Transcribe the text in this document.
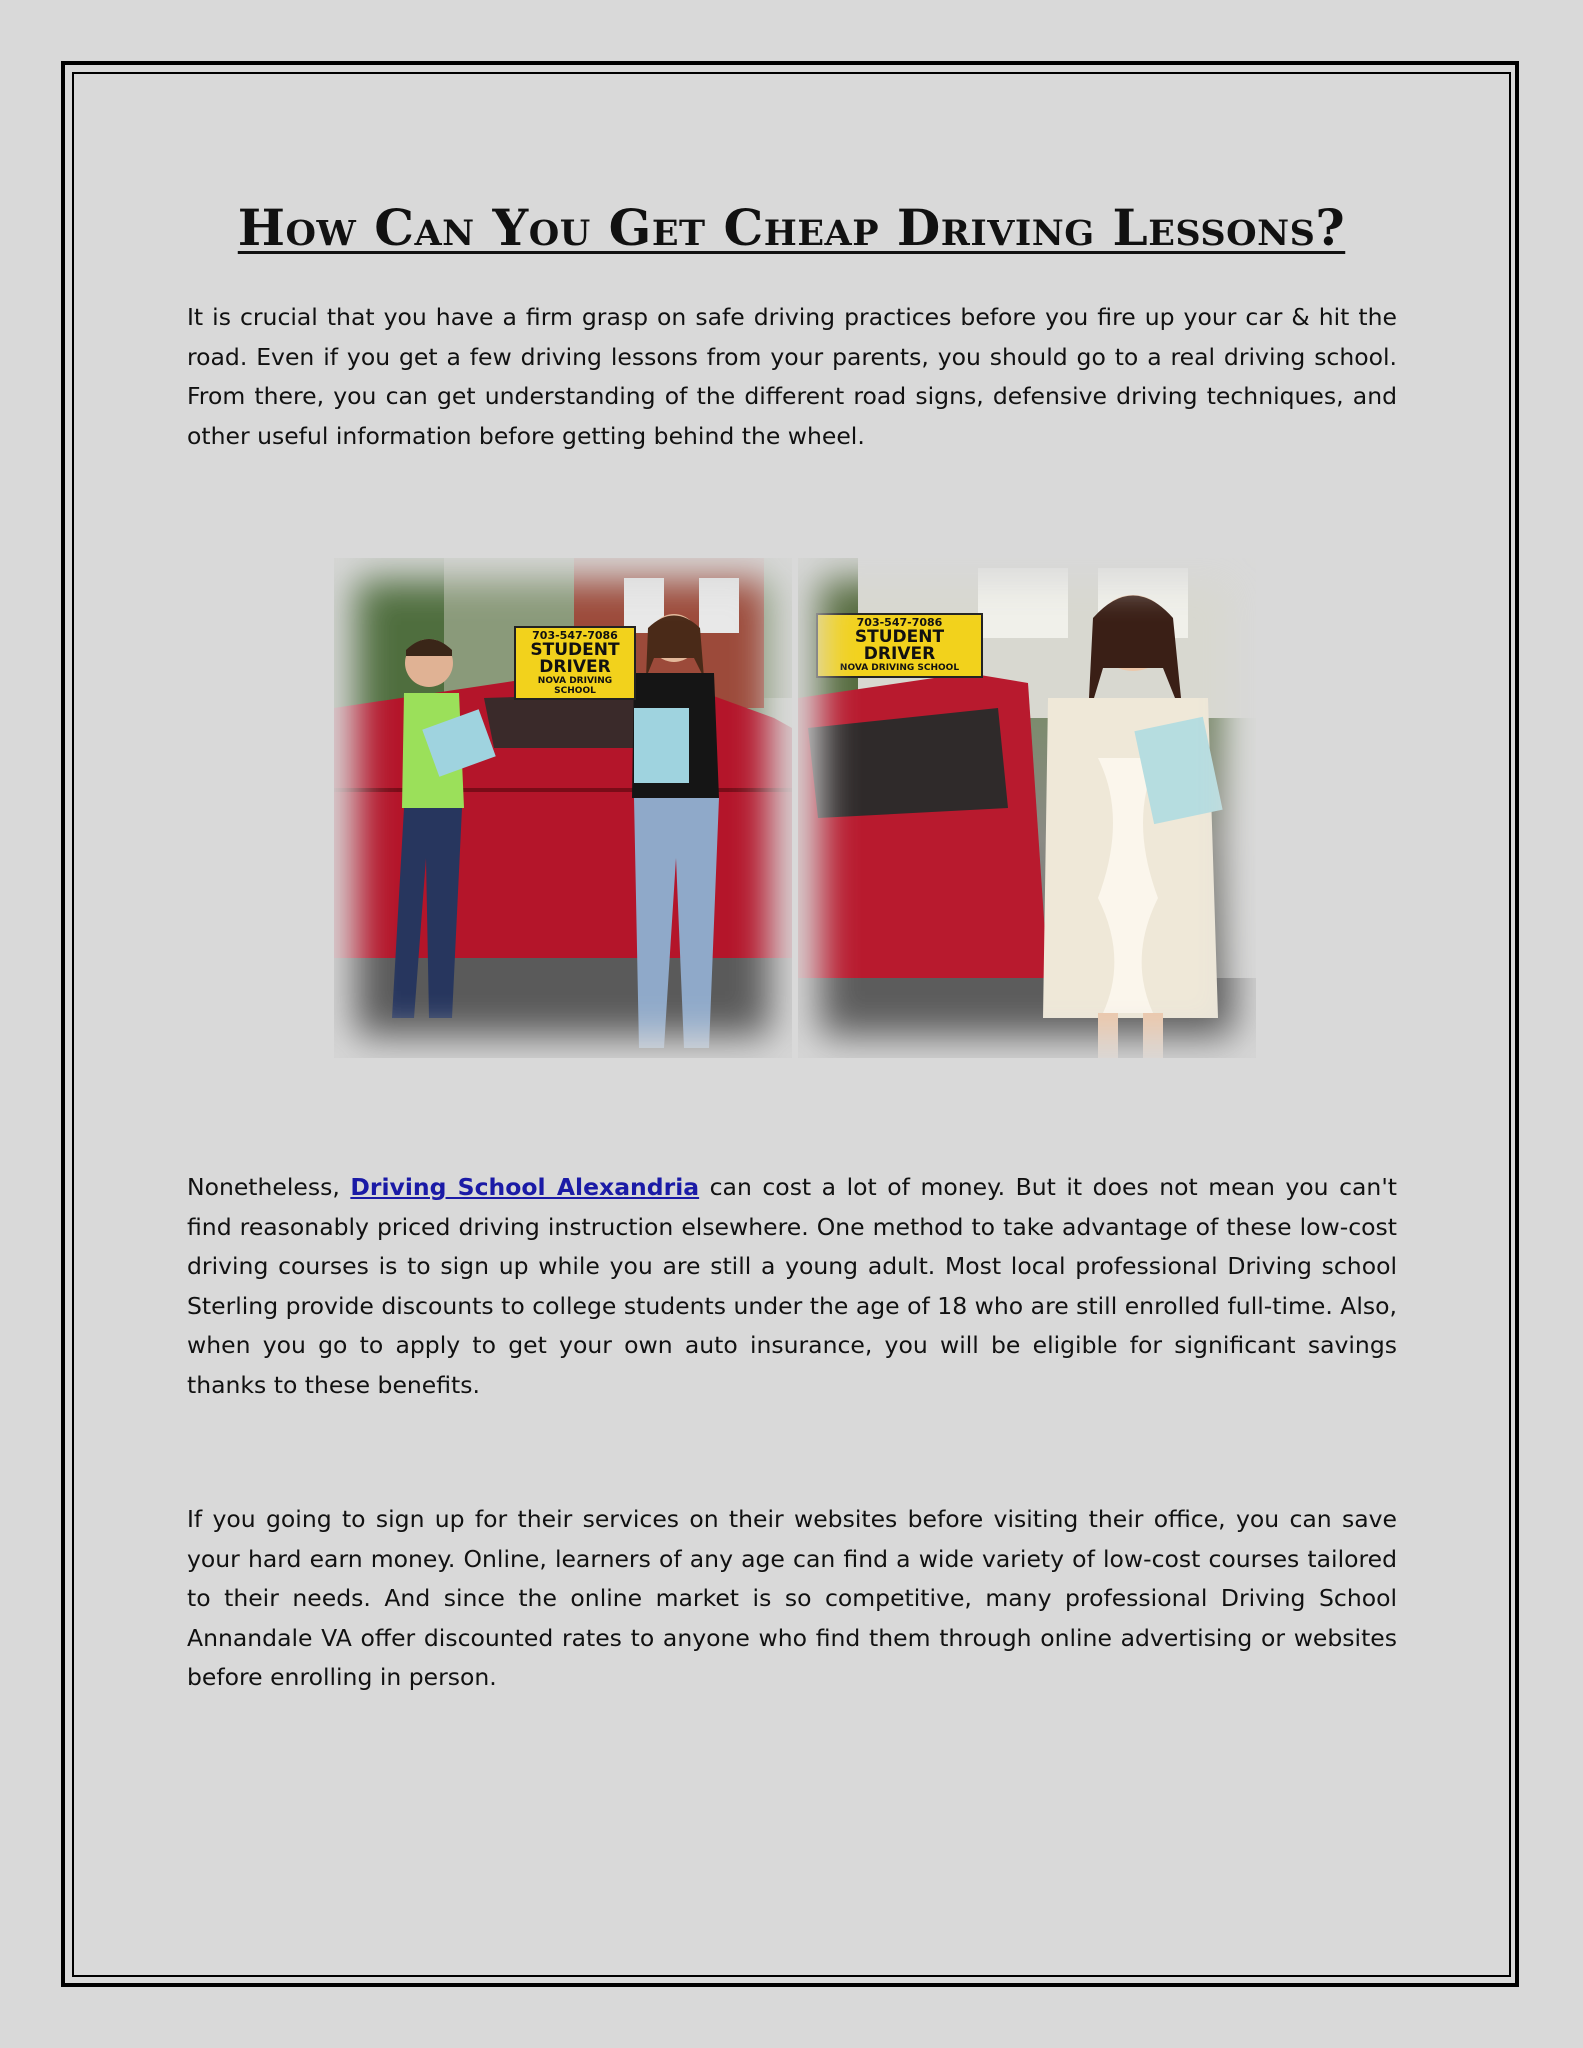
How Can You Get Cheap Driving Lessons?

It is crucial that you have a firm grasp on safe driving practices before you fire up your car & hit the road. Even if you get a few driving lessons from your parents, you should go to a real driving school. From there, you can get understanding of the different road signs, defensive driving techniques, and other useful information before getting behind the wheel.

703-547-7086
STUDENT DRIVER
NOVA DRIVING SCHOOL
703-547-7086
STUDENT DRIVER
NOVA DRIVING SCHOOL

Nonetheless, Driving School Alexandria can cost a lot of money. But it does not mean you can't find reasonably priced driving instruction elsewhere. One method to take advantage of these low-cost driving courses is to sign up while you are still a young adult. Most local professional Driving school Sterling provide discounts to college students under the age of 18 who are still enrolled full-time. Also, when you go to apply to get your own auto insurance, you will be eligible for significant savings thanks to these benefits.

If you going to sign up for their services on their websites before visiting their office, you can save your hard earn money. Online, learners of any age can find a wide variety of low-cost courses tailored to their needs. And since the online market is so competitive, many professional Driving School Annandale VA offer discounted rates to anyone who find them through online advertising or websites before enrolling in person.
